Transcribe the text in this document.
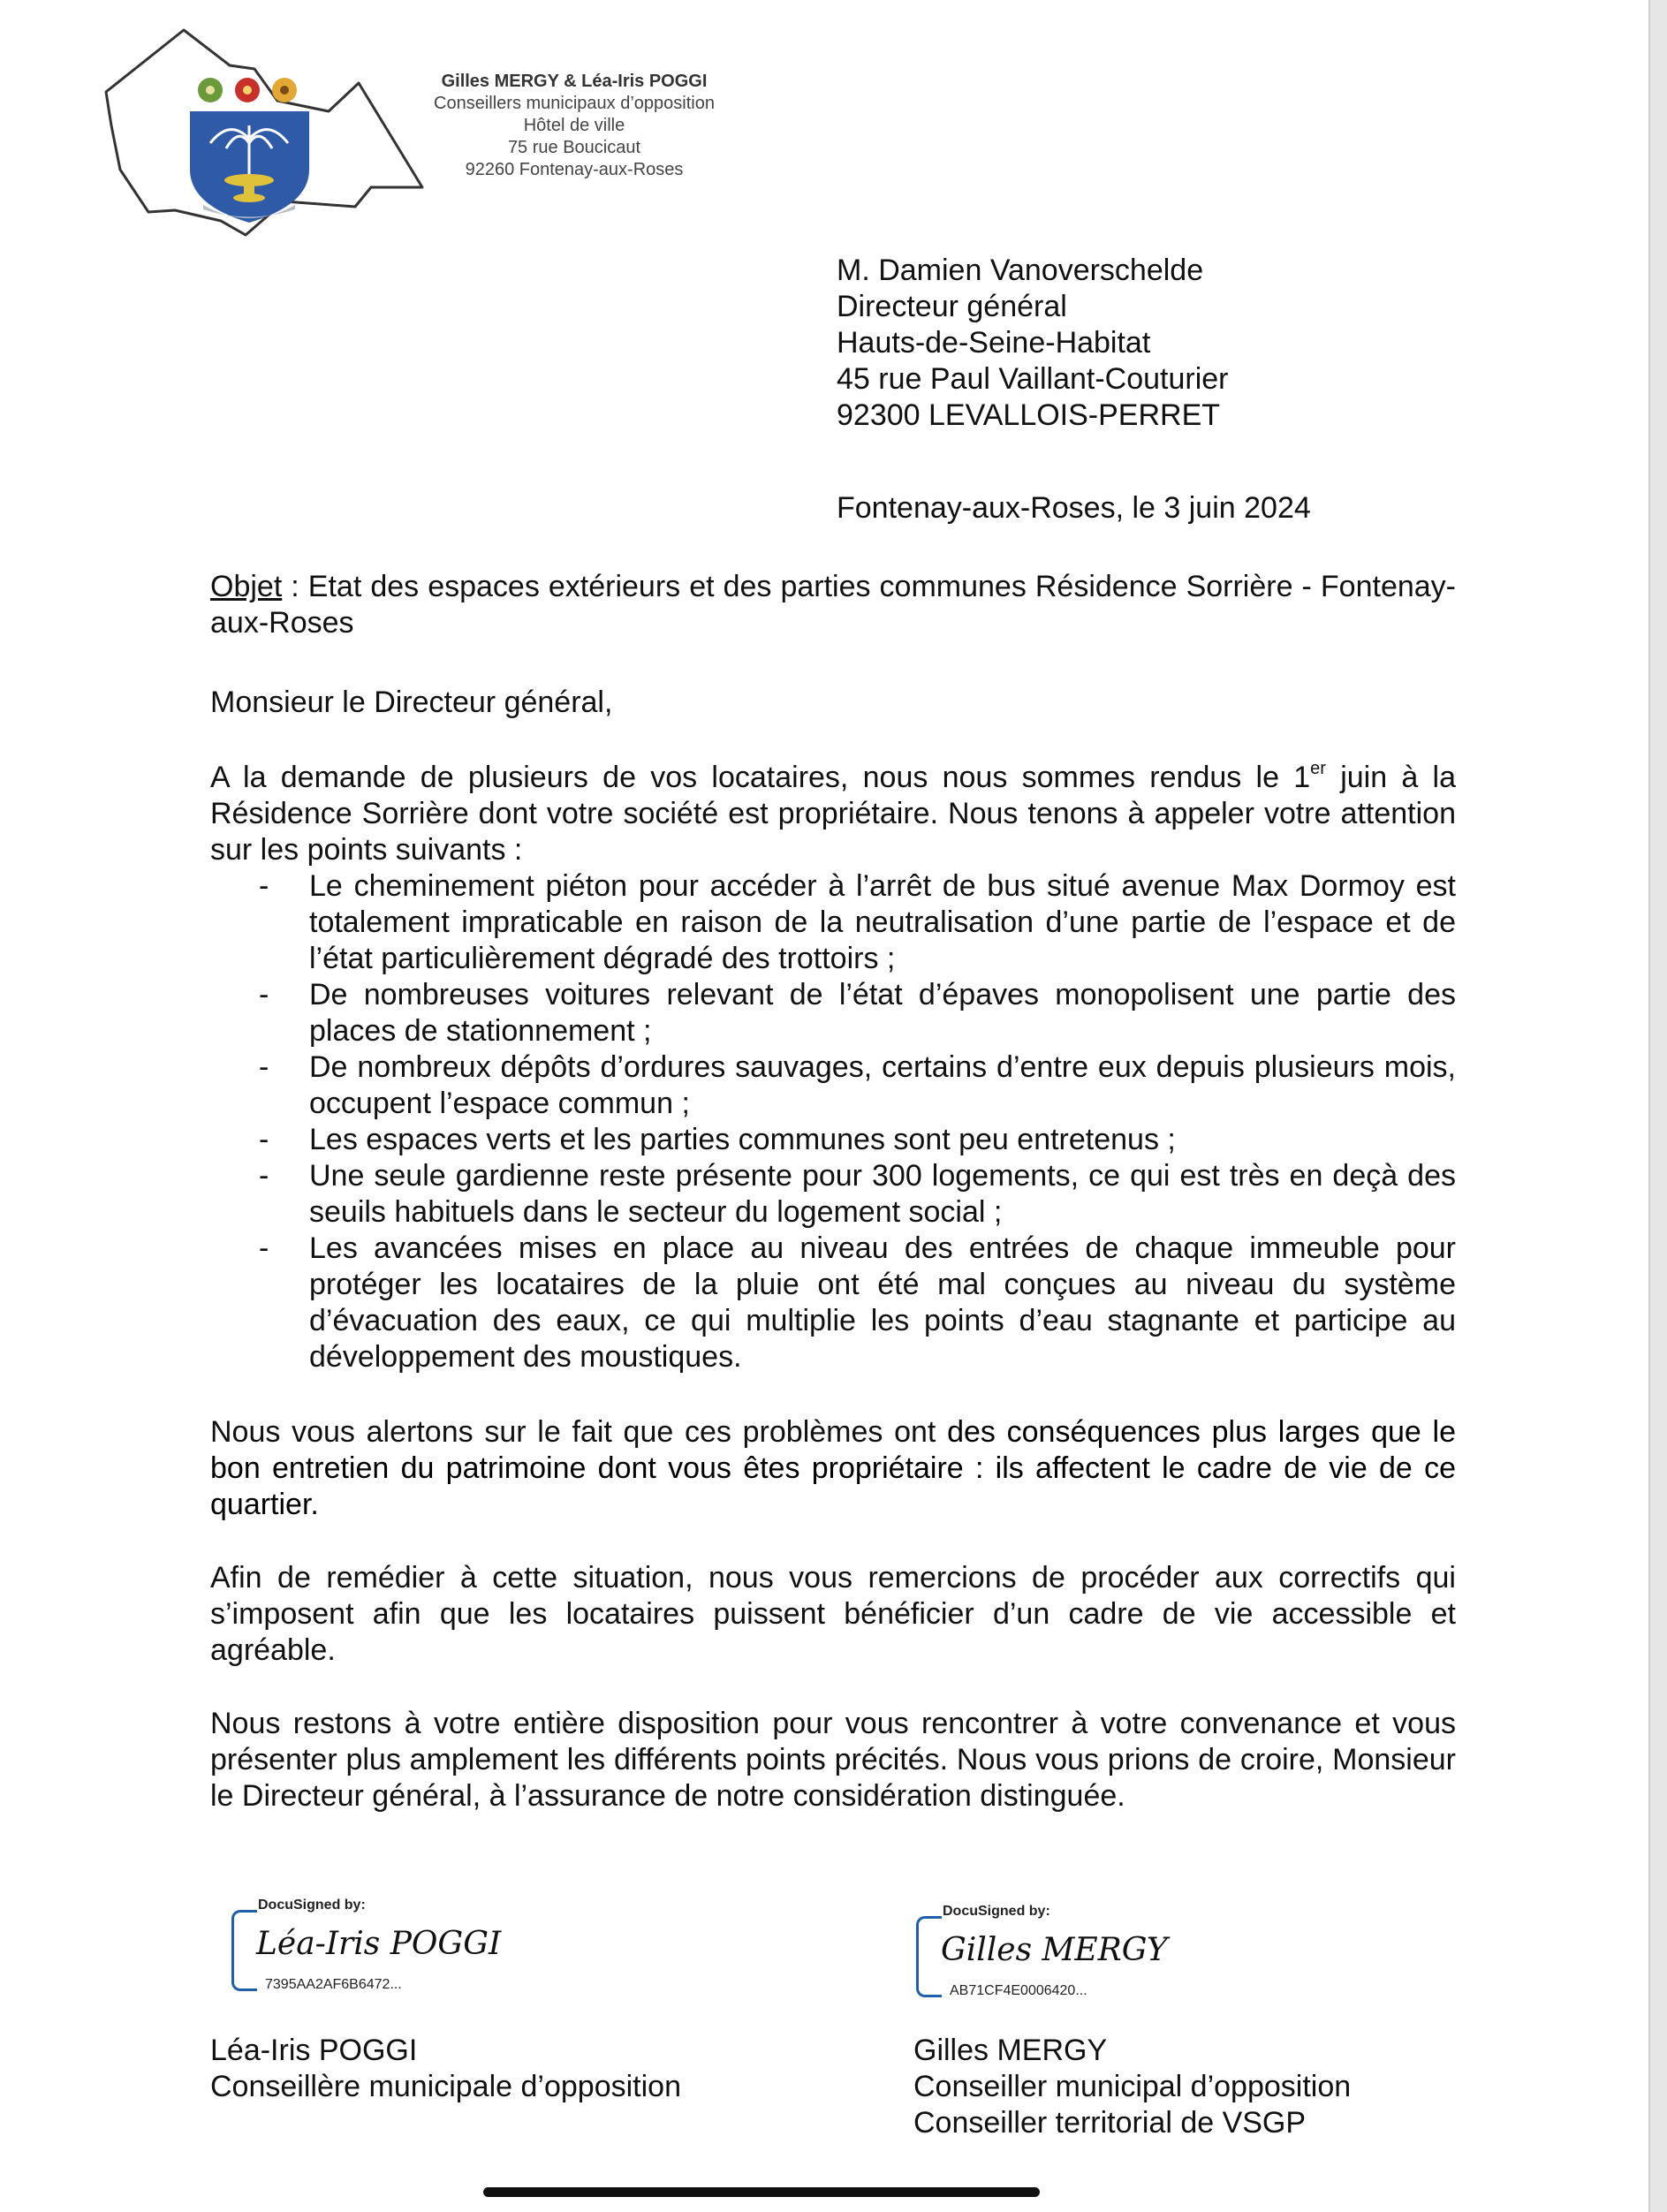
Gilles MERGY & Léa-Iris POGGI
Conseillers municipaux d’opposition
Hôtel de ville
75 rue Boucicaut
92260 Fontenay-aux-Roses
M. Damien Vanoverschelde
Directeur général
Hauts-de-Seine-Habitat
45 rue Paul Vaillant-Couturier
92300 LEVALLOIS-PERRET
Fontenay-aux-Roses, le 3 juin 2024
Objet : Etat des espaces extérieurs et des parties communes Résidence Sorrière - Fontenay-aux-Roses
Monsieur le Directeur général,
A la demande de plusieurs de vos locataires, nous nous sommes rendus le 1er juin à la Résidence Sorrière dont votre société est propriétaire. Nous tenons à appeler votre attention sur les points suivants :
- Le cheminement piéton pour accéder à l’arrêt de bus situé avenue Max Dormoy est totalement impraticable en raison de la neutralisation d’une partie de l’espace et de l’état particulièrement dégradé des trottoirs ;
- De nombreuses voitures relevant de l’état d’épaves monopolisent une partie des places de stationnement ;
- De nombreux dépôts d’ordures sauvages, certains d’entre eux depuis plusieurs mois, occupent l’espace commun ;
- Les espaces verts et les parties communes sont peu entretenus ;
- Une seule gardienne reste présente pour 300 logements, ce qui est très en deçà des seuils habituels dans le secteur du logement social ;
- Les avancées mises en place au niveau des entrées de chaque immeuble pour protéger les locataires de la pluie ont été mal conçues au niveau du système d’évacuation des eaux, ce qui multiplie les points d’eau stagnante et participe au développement des moustiques.
Nous vous alertons sur le fait que ces problèmes ont des conséquences plus larges que le bon entretien du patrimoine dont vous êtes propriétaire : ils affectent le cadre de vie de ce quartier.
Afin de remédier à cette situation, nous vous remercions de procéder aux correctifs qui s’imposent afin que les locataires puissent bénéficier d’un cadre de vie accessible et agréable.
Nous restons à votre entière disposition pour vous rencontrer à votre convenance et vous présenter plus amplement les différents points précités. Nous vous prions de croire, Monsieur le Directeur général, à l’assurance de notre considération distinguée.
DocuSigned by:
Léa-Iris POGGI
7395AA2AF6B6472...
DocuSigned by:
Gilles MERGY
AB71CF4E0006420...
Léa-Iris POGGI
Conseillère municipale d’opposition
Gilles MERGY
Conseiller municipal d’opposition
Conseiller territorial de VSGP
